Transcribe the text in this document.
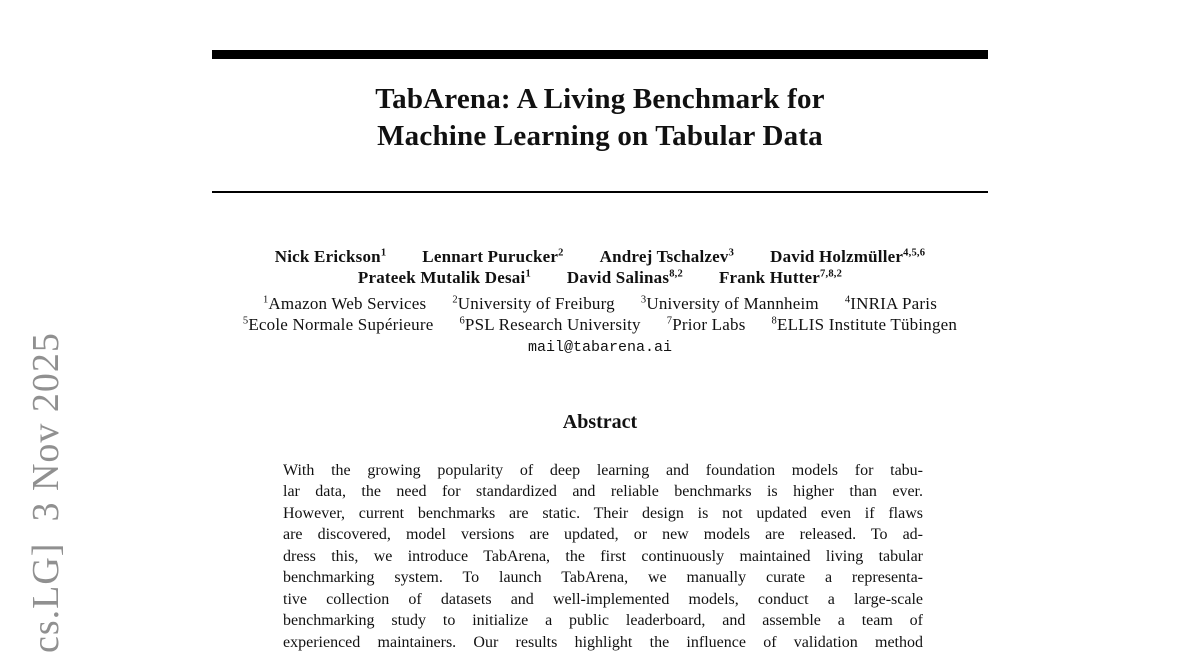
cs.LG]  3 Nov 2025
TabArena: A Living Benchmark for
Machine Learning on Tabular Data
Nick Erickson$^1$ Lennart Purucker$^2$ Andrej Tschalzev$^3$ David Holzmüller$^{4,5,6}$
Prateek Mutalik Desai$^1$ David Salinas$^{8,2}$ Frank Hutter$^{7,8,2}$
$^1$Amazon Web Services $^2$University of Freiburg $^3$University of Mannheim $^4$INRIA Paris
$^5$Ecole Normale Supérieure $^6$PSL Research University $^7$Prior Labs $^8$ELLIS Institute Tübingen
mail@tabarena.ai
Abstract
With the growing popularity of deep learning and foundation models for tabu-
lar data, the need for standardized and reliable benchmarks is higher than ever.
However, current benchmarks are static. Their design is not updated even if flaws
are discovered, model versions are updated, or new models are released. To ad-
dress this, we introduce TabArena, the first continuously maintained living tabular
benchmarking system. To launch TabArena, we manually curate a representa-
tive collection of datasets and well-implemented models, conduct a large-scale
benchmarking study to initialize a public leaderboard, and assemble a team of
experienced maintainers. Our results highlight the influence of validation method
